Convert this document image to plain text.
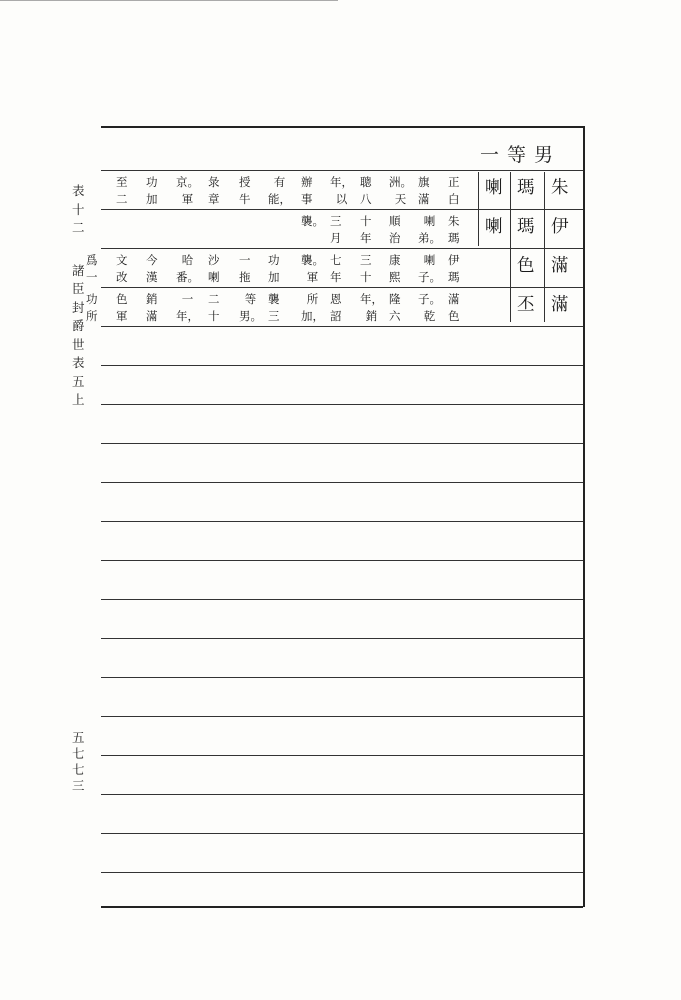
表
十
二
諸
臣
封
爵
世
表
五
上
五
七
七
三
一等男
朱
伊
滿
滿
瑪
瑪
色
丕
喇
喇
正
白
旗
滿
洲。
天
聰
八
年，
以
辦
事
有
能，
授
牛
彔
章
京。
軍
功
加
至
二
朱
瑪
喇
弟。
順
治
十
年
三
月
襲。
伊
瑪
喇
子。
康
熙
三
十
七
年
襲。
軍
功
加
一
拖
沙
喇
哈
番。
今
漢
文
改
爲
一
滿
色
子。
乾
隆
六
年，
銷
恩
詔
所
加，
襲
三
等
男。
二
十
一
年，
銷
滿
色
軍
功
所
